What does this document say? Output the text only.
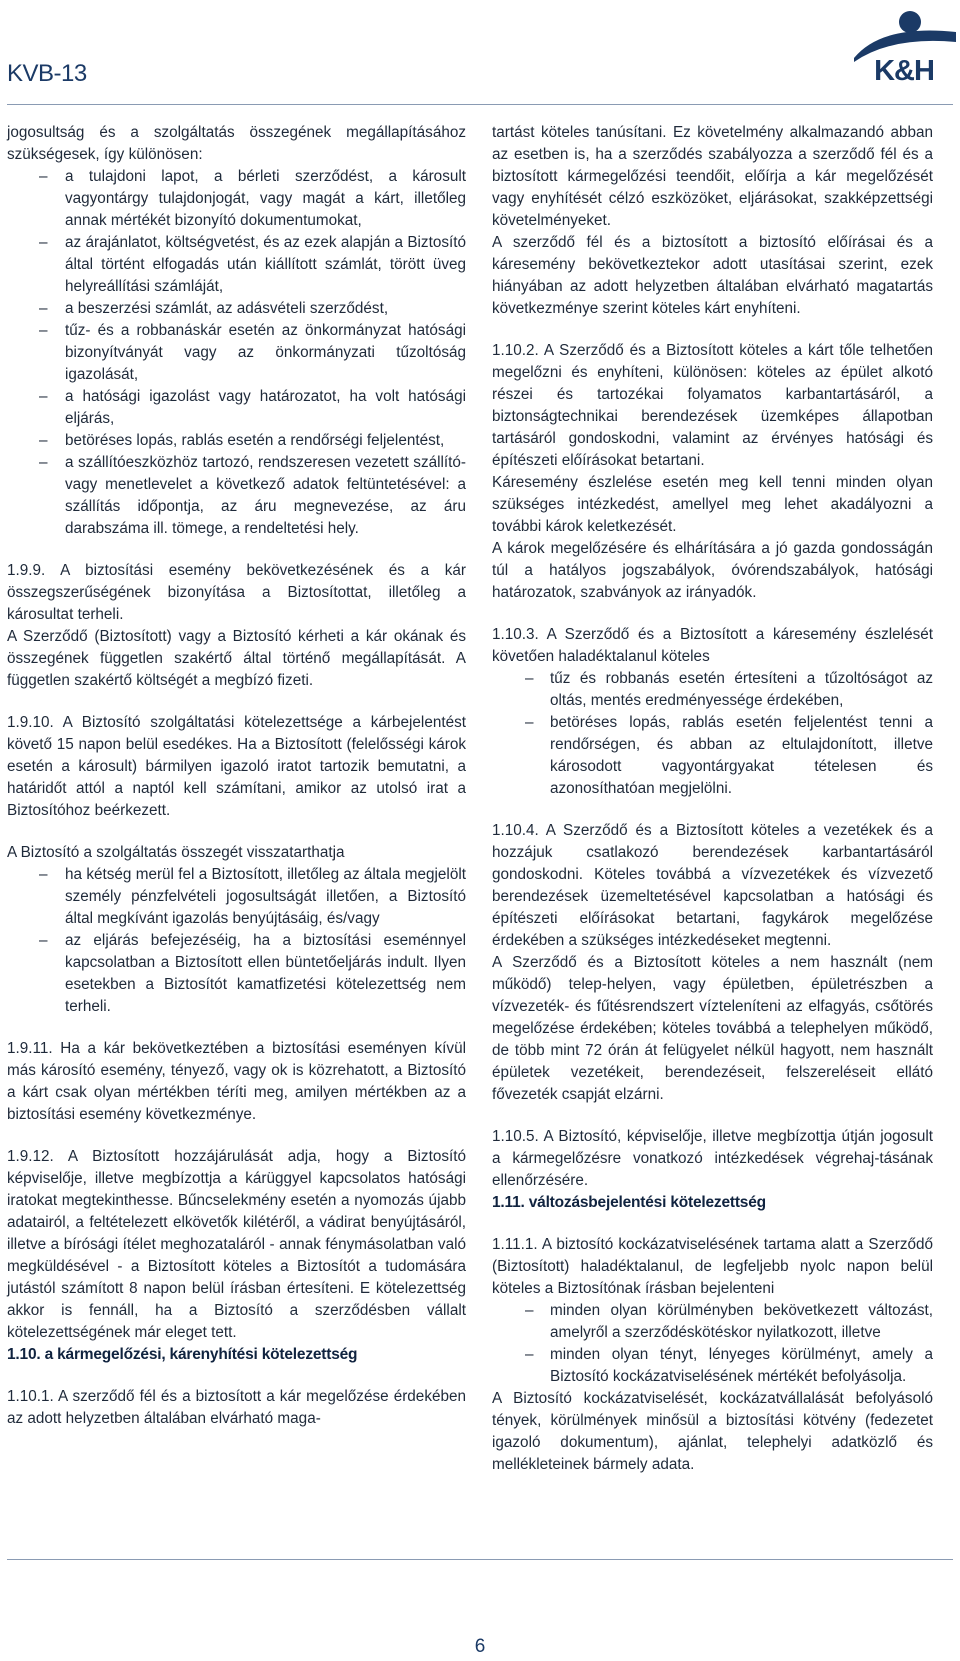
KVB-13	K&H

jogosultság és a szolgáltatás összegének megállapításához szükségesek, így különösen:

– a tulajdoni lapot, a bérleti szerződést, a károsult vagyontárgy tulajdonjogát, vagy magát a kárt, illetőleg annak mértékét bizonyító dokumentumokat,

– az árajánlatot, költségvetést, és az ezek alapján a Biztosító által történt elfogadás után kiállított számlát, törött üveg helyreállítási számláját,

– a beszerzési számlát, az adásvételi szerződést,

– tűz- és a robbanáskár esetén az önkormányzat hatósági bizonyítványát vagy az önkormányzati tűzoltóság igazolását,

– a hatósági igazolást vagy határozatot, ha volt hatósági eljárás,

– betöréses lopás, rablás esetén a rendőrségi feljelentést,

– a szállítóeszközhöz tartozó, rendszeresen vezetett szállító- vagy menetlevelet a következő adatok feltüntetésével: a szállítás időpontja, az áru megnevezése, az áru darabszáma ill. tömege, a rendeltetési hely.

1.9.9. A biztosítási esemény bekövetkezésének és a kár összegszerűségének bizonyítása a Biztosítottat, illetőleg a károsultat terheli.

A Szerződő (Biztosított) vagy a Biztosító kérheti a kár okának és összegének független szakértő által történő megállapítását. A független szakértő költségét a megbízó fizeti.

1.9.10. A Biztosító szolgáltatási kötelezettsége a kárbejelentést követő 15 napon belül esedékes. Ha a Biztosított (felelősségi károk esetén a károsult) bármilyen igazoló iratot tartozik bemutatni, a határidőt attól a naptól kell számítani, amikor az utolsó irat a Biztosítóhoz beérkezett.

A Biztosító a szolgáltatás összegét visszatarthatja

– ha kétség merül fel a Biztosított, illetőleg az általa megjelölt személy pénzfelvételi jogosultságát illetően, a Biztosító által megkívánt igazolás benyújtásáig, és/vagy

– az eljárás befejezéséig, ha a biztosítási eseménnyel kapcsolatban a Biztosított ellen büntetőeljárás indult. Ilyen esetekben a Biztosítót kamatfizetési kötelezettség nem terheli.

1.9.11. Ha a kár bekövetkeztében a biztosítási eseményen kívül más károsító esemény, tényező, vagy ok is közrehatott, a Biztosító a kárt csak olyan mértékben téríti meg, amilyen mértékben az a biztosítási esemény következménye.

1.9.12. A Biztosított hozzájárulását adja, hogy a Biztosító képviselője, illetve megbízottja a kárüggyel kapcsolatos hatósági iratokat megtekinthesse. Bűncselekmény esetén a nyomozás újabb adatairól, a feltételezett elkövetők kilétéről, a vádirat benyújtásáról, illetve a bírósági ítélet meghozataláról - annak fénymásolatban való megküldésével - a Biztosított köteles a Biztosítót a tudomására jutástól számított 8 napon belül írásban értesíteni. E kötelezettség akkor is fennáll, ha a Biztosító a szerződésben vállalt kötelezettségének már eleget tett.

1.10. a kármegelőzési, kárenyhítési kötelezettség

1.10.1. A szerződő fél és a biztosított a kár megelőzése érdekében az adott helyzetben általában elvárható maga-

tartást köteles tanúsítani. Ez követelmény alkalmazandó abban az esetben is, ha a szerződés szabályozza a szerződő fél és a biztosított kármegelőzési teendőit, előírja a kár megelőzését vagy enyhítését célzó eszközöket, eljárásokat, szakképzettségi követelményeket.

A szerződő fél és a biztosított a biztosító előírásai és a káresemény bekövetkeztekor adott utasításai szerint, ezek hiányában az adott helyzetben általában elvárható magatartás következménye szerint köteles kárt enyhíteni.

1.10.2. A Szerződő és a Biztosított köteles a kárt tőle telhetően megelőzni és enyhíteni, különösen: köteles az épület alkotó részei és tartozékai folyamatos karbantartásáról, a biztonságtechnikai berendezések üzemképes állapotban tartásáról gondoskodni, valamint az érvényes hatósági és építészeti előírásokat betartani.

Káresemény észlelése esetén meg kell tenni minden olyan szükséges intézkedést, amellyel meg lehet akadályozni a további károk keletkezését.

A károk megelőzésére és elhárítására a jó gazda gondosságán túl a hatályos jogszabályok, óvórendszabályok, hatósági határozatok, szabványok az irányadók.

1.10.3. A Szerződő és a Biztosított a káresemény észlelését követően haladéktalanul köteles

– tűz és robbanás esetén értesíteni a tűzoltóságot az oltás, mentés eredményessége érdekében,

– betöréses lopás, rablás esetén feljelentést tenni a rendőrségen, és abban az eltulajdonított, illetve károsodott vagyontárgyakat tételesen és azonosíthatóan megjelölni.

1.10.4. A Szerződő és a Biztosított köteles a vezetékek és a hozzájuk csatlakozó berendezések karbantartásáról gondoskodni. Köteles továbbá a vízvezetékek és vízvezető berendezések üzemeltetésével kapcsolatban a hatósági és építészeti előírásokat betartani, fagykárok megelőzése érdekében a szükséges intézkedéseket megtenni.

A Szerződő és a Biztosított köteles a nem használt (nem működő) telep-helyen, vagy épületben, épületrészben a vízvezeték- és fűtésrendszert vízteleníteni az elfagyás, csőtörés megelőzése érdekében; köteles továbbá a telephelyen működő, de több mint 72 órán át felügyelet nélkül hagyott, nem használt épületek vezetékeit, berendezéseit, felszereléseit ellátó fővezeték csapját elzárni.

1.10.5. A Biztosító, képviselője, illetve megbízottja útján jogosult a kármegelőzésre vonatkozó intézkedések végrehaj-tásának ellenőrzésére.

1.11. változásbejelentési kötelezettség

1.11.1. A biztosító kockázatviselésének tartama alatt a Szerződő (Biztosított) haladéktalanul, de legfeljebb nyolc napon belül köteles a Biztosítónak írásban bejelenteni

– minden olyan körülményben bekövetkezett változást, amelyről a szerződéskötéskor nyilatkozott, illetve

– minden olyan tényt, lényeges körülményt, amely a Biztosító kockázatviselésének mértékét befolyásolja.

A Biztosító kockázatviselését, kockázatvállalását befolyásoló tények, körülmények minősül a biztosítási kötvény (fedezetet igazoló dokumentum), ajánlat, telephelyi adatközlő és mellékleteinek bármely adata.

6
